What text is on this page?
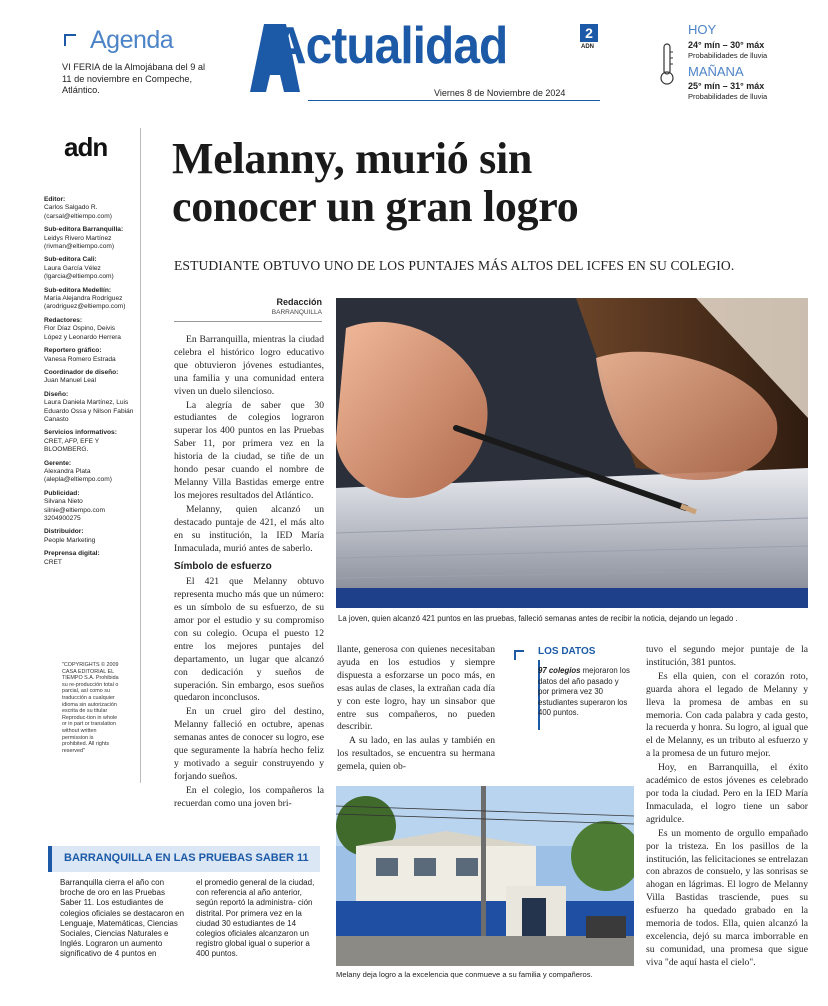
Agenda
VI FERIA de la Almojábana del 9 al 11 de noviembre en Compeche, Atlántico.
Actualidad	2
ADN
Viernes 8 de Noviembre de 2024
HOY
24° mín – 30° máx
Probabilidades de lluvia
MAÑANA
25° mín – 31° máx
Probabilidades de lluvia
adn
Editor:
Carlos Salgado R. (carsal@eltiempo.com)
Sub-editora Barranquilla:
Leidys Rivero Martínez (rivman@eltiempo.com)
Sub-editora Cali:
Laura García Vélez (lgarcia@eltiempo.com)
Sub-editora Medellín:
María Alejandra Rodríguez (arodriguez@eltiempo.com)
Redactores:
Flor Díaz Ospino, Deivis López y Leonardo Herrera
Reportero gráfico:
Vanesa Romero Estrada
Coordinador de diseño:
Juan Manuel Leal
Diseño:
Laura Daniela Martínez, Luis Eduardo Ossa y Nilson Fabián Canasto
Servicios informativos:
CRET, AFP, EFE Y BLOOMBERG.
Gerente:
Alexandra Plata (alepla@eltiempo.com)
Publicidad:
Silvana Nieto silnie@eltiempo.com 3204900275
Distribuidor:
People Marketing
Preprensa digital:
CRET
"COPYRIGHTS © 2009 CASA EDITORIAL EL TIEMPO S.A. Prohibida su re-producción total o parcial, así como su traducción a cualquier idioma sin autorización escrita de su titular Reproduc-tion in whole or in part or translation without written permission is prohibited. All rights reserved"
Melanny, murió sin
conocer un gran logro
ESTUDIANTE OBTUVO UNO DE LOS PUNTAJES MÁS ALTOS DEL ICFES EN SU COLEGIO.
Redacción
BARRANQUILLA

En Barranquilla, mientras la ciudad celebra el histórico logro educativo que obtuvieron jóvenes estudiantes, una familia y una comunidad entera viven un duelo silencioso.

La alegría de saber que 30 estudiantes de colegios lograron superar los 400 puntos en las Pruebas Saber 11, por primera vez en la historia de la ciudad, se tiñe de un hondo pesar cuando el nombre de Melanny Villa Bastidas emerge entre los mejores resultados del Atlántico.

Melanny, quien alcanzó un destacado puntaje de 421, el más alto en su institución, la IED María Inmaculada, murió antes de saberlo.

Símbolo de esfuerzo

El 421 que Melanny obtuvo representa mucho más que un número: es un símbolo de su esfuerzo, de su amor por el estudio y su compromiso con su colegio. Ocupa el puesto 12 entre los mejores puntajes del departamento, un lugar que alcanzó con dedicación y sueños de superación. Sin embargo, esos sueños quedaron inconclusos.

En un cruel giro del destino, Melanny falleció en octubre, apenas semanas antes de conocer su logro, ese que seguramente la habría hecho feliz y motivado a seguir construyendo y forjando sueños.

En el colegio, los compañeros la recuerdan como una joven bri-

La joven, quien alcanzó 421 puntos en las pruebas, falleció semanas antes de recibir la noticia, dejando un legado .

llante, generosa con quienes necesitaban ayuda en los estudios y siempre dispuesta a esforzarse un poco más, en esas aulas de clases, la extrañan cada día y con este logro, hay un sinsabor que entre sus compañeros, no pueden describir.

A su lado, en las aulas y también en los resultados, se encuentra su hermana gemela, quien ob-

LOS DATOS
97 colegios mejoraron los datos del año pasado y por primera vez 30 estudiantes superaron los 400 puntos.

tuvo el segundo mejor puntaje de la institución, 381 puntos.

Es ella quien, con el corazón roto, guarda ahora el legado de Melanny y lleva la promesa de ambas en su memoria. Con cada palabra y cada gesto, la recuerda y honra. Su logro, al igual que el de Melanny, es un tributo al esfuerzo y a la promesa de un futuro mejor.

Hoy, en Barranquilla, el éxito académico de estos jóvenes es celebrado por toda la ciudad. Pero en la IED María Inmaculada, el logro tiene un sabor agridulce.

Es un momento de orgullo empañado por la tristeza. En los pasillos de la institución, las felicitaciones se entrelazan con abrazos de consuelo, y las sonrisas se ahogan en lágrimas. El logro de Melanny Villa Bastidas trasciende, pues su esfuerzo ha quedado grabado en la memoria de todos. Ella, quien alcanzó la excelencia, dejó su marca imborrable en su comunidad, una promesa que sigue viva "de aquí hasta el cielo".

Melany deja logro a la excelencia que conmueve a su familia y compañeros.
BARRANQUILLA EN LAS PRUEBAS SABER 11
Barranquilla cierra el año con broche de oro en las Pruebas Saber 11. Los estudiantes de colegios oficiales se destacaron en Lenguaje, Matemáticas, Ciencias Sociales, Ciencias Naturales e Inglés. Lograron un aumento significativo de 4 puntos en
el promedio general de la ciudad, con referencia al año anterior, según reportó la administra- ción distrital. Por primera vez en la ciudad 30 estudiantes de 14 colegios oficiales alcanzaron un registro global igual o superior a 400 puntos.
